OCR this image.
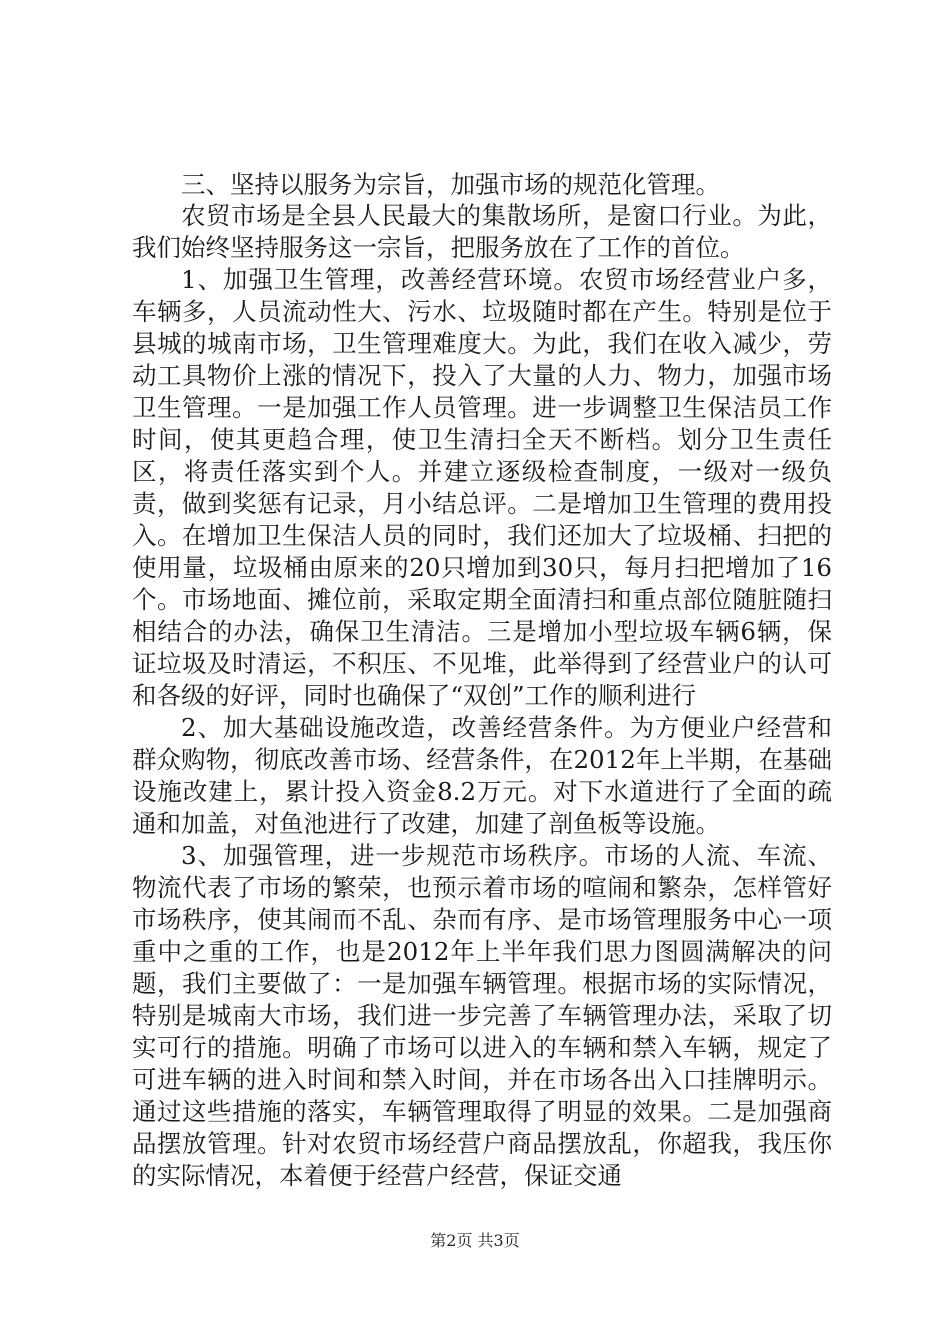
三、坚持以服务为宗旨，加强市场的规范化管理。

农贸市场是全县人民最大的集散场所，是窗口行业。为此，我们始终坚持服务这一宗旨，把服务放在了工作的首位。

1、加强卫生管理，改善经营环境。农贸市场经营业户多，车辆多，人员流动性大、污水、垃圾随时都在产生。特别是位于县城的城南市场，卫生管理难度大。为此，我们在收入减少，劳动工具物价上涨的情况下，投入了大量的人力、物力，加强市场卫生管理。一是加强工作人员管理。进一步调整卫生保洁员工作时间，使其更趋合理，使卫生清扫全天不断档。划分卫生责任区，将责任落实到个人。并建立逐级检查制度，一级对一级负责，做到奖惩有记录，月小结总评。二是增加卫生管理的费用投入。在增加卫生保洁人员的同时，我们还加大了垃圾桶、扫把的使用量，垃圾桶由原来的20只增加到30只，每月扫把增加了16个。市场地面、摊位前，采取定期全面清扫和重点部位随脏随扫相结合的办法，确保卫生清洁。三是增加小型垃圾车辆6辆，保证垃圾及时清运，不积压、不见堆，此举得到了经营业户的认可和各级的好评，同时也确保了“双创”工作的顺利进行

2、加大基础设施改造，改善经营条件。为方便业户经营和群众购物，彻底改善市场、经营条件，在2012年上半期，在基础设施改建上，累计投入资金8.2万元。对下水道进行了全面的疏通和加盖，对鱼池进行了改建，加建了剖鱼板等设施。

3、加强管理，进一步规范市场秩序。市场的人流、车流、物流代表了市场的繁荣，也预示着市场的喧闹和繁杂，怎样管好市场秩序，使其闹而不乱、杂而有序、是市场管理服务中心一项重中之重的工作，也是2012年上半年我们思力图圆满解决的问题，我们主要做了：一是加强车辆管理。根据市场的实际情况，特别是城南大市场，我们进一步完善了车辆管理办法，采取了切实可行的措施。明确了市场可以进入的车辆和禁入车辆，规定了可进车辆的进入时间和禁入时间，并在市场各出入口挂牌明示。通过这些措施的落实，车辆管理取得了明显的效果。二是加强商品摆放管理。针对农贸市场经营户商品摆放乱，你超我，我压你的实际情况，本着便于经营户经营，保证交通

第2页 共3页
